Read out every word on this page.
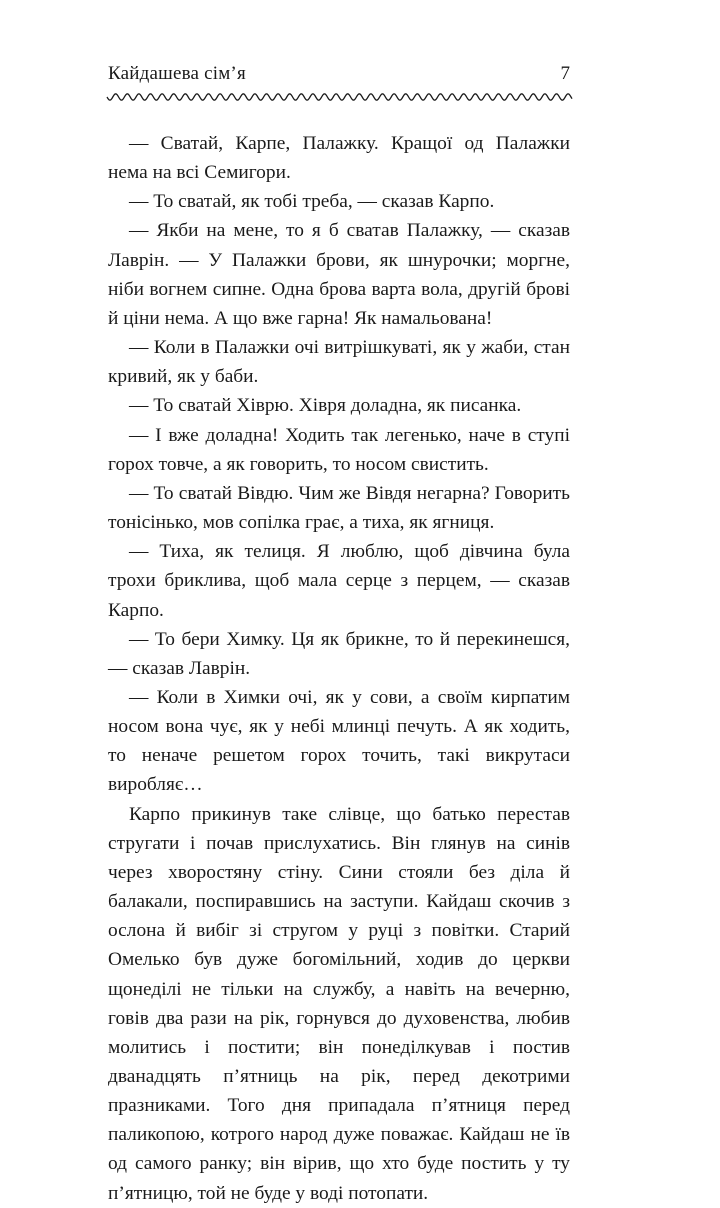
Кайдашева сім’я	7

— Сватай, Карпе, Палажку. Кращої од Палажки нема на всі Семигори.

— То сватай, як тобі треба, — сказав Карпо.

— Якби на мене, то я б сватав Палажку, — сказав Лаврін. — У Палажки брови, як шнурочки; моргне, ніби вогнем сипне. Одна брова варта вола, другій брові й ціни нема. А що вже гарна! Як намальована!

— Коли в Палажки очі витрішкуваті, як у жаби, стан кривий, як у баби.

— То сватай Хіврю. Хівря доладна, як писанка.

— І вже доладна! Ходить так легенько, наче в ступі горох товче, а як говорить, то носом свистить.

— То сватай Вівдю. Чим же Вівдя негарна? Говорить тонісінько, мов сопілка грає, а тиха, як ягниця.

— Тиха, як телиця. Я люблю, щоб дівчина була трохи бриклива, щоб мала серце з перцем, — сказав Карпо.

— То бери Химку. Ця як брикне, то й перекинешся, — сказав Лаврін.

— Коли в Химки очі, як у сови, а своїм кирпатим носом вона чує, як у небі млинці печуть. А як ходить, то неначе решетом горох точить, такі викрутаси виробляє…

Карпо прикинув таке слівце, що батько перестав стругати і почав прислухатись. Він глянув на синів через хворостяну стіну. Сини стояли без діла й балакали, поспиравшись на заступи. Кайдаш скочив з ослона й вибіг зі стругом у руці з повітки. Старий Омелько був дуже богомільний, ходив до церкви щонеділі не тільки на службу, а навіть на вечерню, говів два рази на рік, горнувся до духовенства, любив молитись і постити; він понеділкував і постив дванадцять п’ятниць на рік, перед декотрими празниками. Того дня припадала п’ятниця перед паликопою, котрого народ дуже поважає. Кайдаш не їв од самого ранку; він вірив, що хто буде постить у ту п’ятницю, той не буде у воді потопати.
